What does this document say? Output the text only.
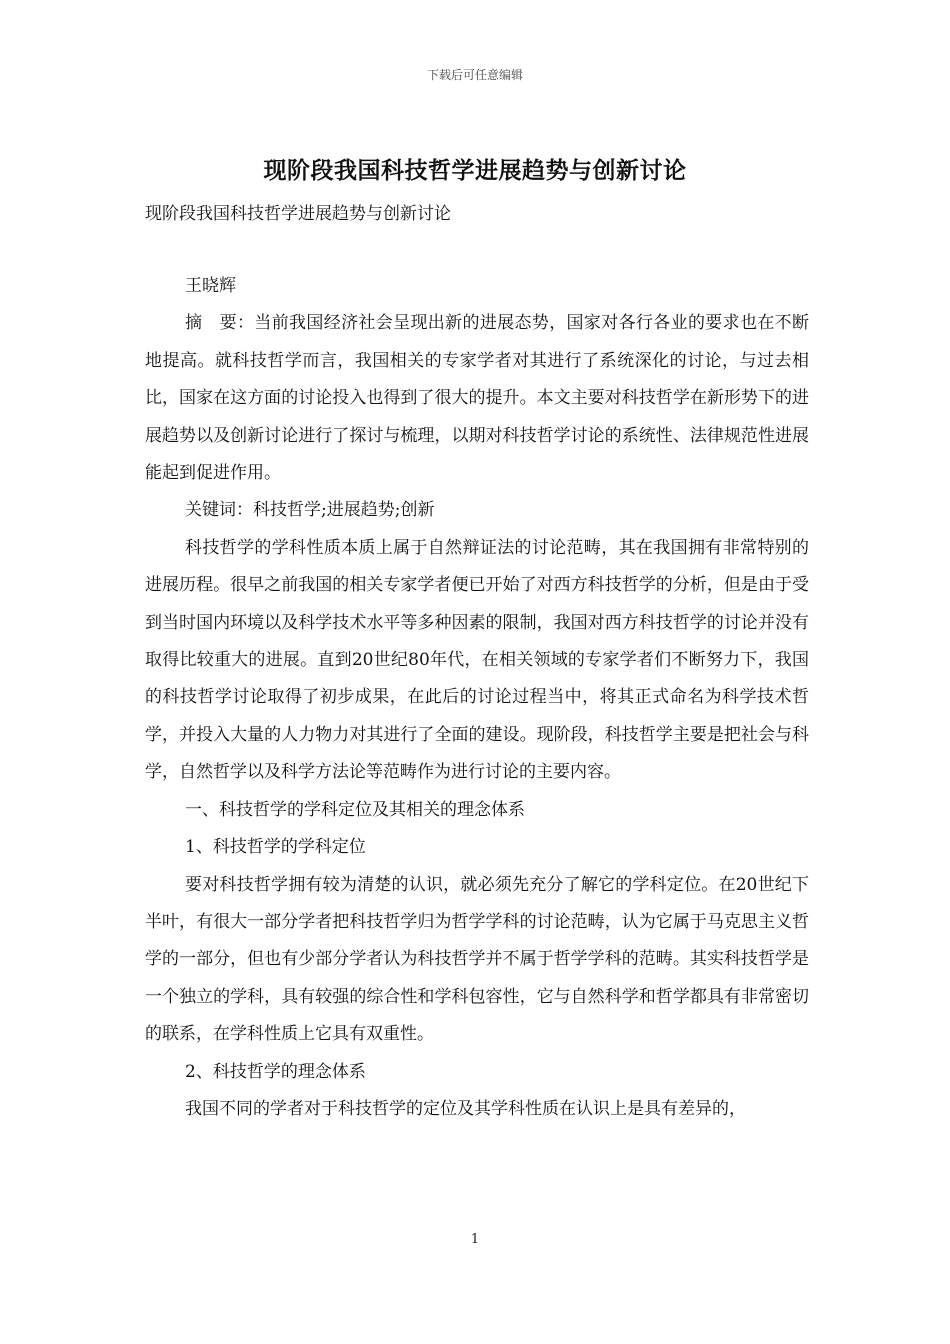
下载后可任意编辑
现阶段我国科技哲学进展趋势与创新讨论
现阶段我国科技哲学进展趋势与创新讨论

王晓辉

摘　要：当前我国经济社会呈现出新的进展态势，国家对各行各业的要求也在不断地提高。就科技哲学而言，我国相关的专家学者对其进行了系统深化的讨论，与过去相比，国家在这方面的讨论投入也得到了很大的提升。本文主要对科技哲学在新形势下的进展趋势以及创新讨论进行了探讨与梳理，以期对科技哲学讨论的系统性、法律规范性进展能起到促进作用。

关键词：科技哲学;进展趋势;创新

科技哲学的学科性质本质上属于自然辩证法的讨论范畴，其在我国拥有非常特别的进展历程。很早之前我国的相关专家学者便已开始了对西方科技哲学的分析，但是由于受到当时国内环境以及科学技术水平等多种因素的限制，我国对西方科技哲学的讨论并没有取得比较重大的进展。直到20世纪80年代，在相关领域的专家学者们不断努力下，我国的科技哲学讨论取得了初步成果，在此后的讨论过程当中，将其正式命名为科学技术哲学，并投入大量的人力物力对其进行了全面的建设。现阶段，科技哲学主要是把社会与科学，自然哲学以及科学方法论等范畴作为进行讨论的主要内容。

一、科技哲学的学科定位及其相关的理念体系

1、科技哲学的学科定位

要对科技哲学拥有较为清楚的认识，就必须先充分了解它的学科定位。在20世纪下半叶，有很大一部分学者把科技哲学归为哲学学科的讨论范畴，认为它属于马克思主义哲学的一部分，但也有少部分学者认为科技哲学并不属于哲学学科的范畴。其实科技哲学是一个独立的学科，具有较强的综合性和学科包容性，它与自然科学和哲学都具有非常密切的联系，在学科性质上它具有双重性。

2、科技哲学的理念体系

我国不同的学者对于科技哲学的定位及其学科性质在认识上是具有差异的，

1
